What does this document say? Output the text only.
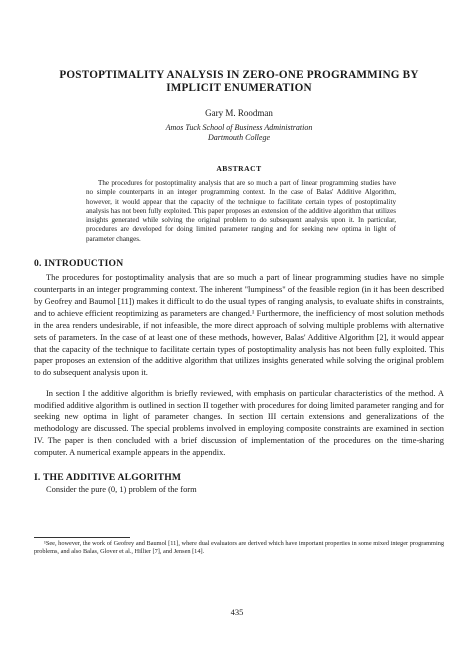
POSTOPTIMALITY ANALYSIS IN ZERO-ONE PROGRAMMING BY
IMPLICIT ENUMERATION
Gary M. Roodman
Amos Tuck School of Business Administration
Dartmouth College
ABSTRACT

The procedures for postoptimality analysis that are so much a part of linear programming studies have no simple counterparts in an integer programming context. In the case of Balas' Additive Algorithm, however, it would appear that the capacity of the technique to facilitate certain types of postoptimality analysis has not been fully exploited. This paper proposes an extension of the additive algorithm that utilizes insights generated while solving the original problem to do subsequent analysis upon it. In particular, procedures are developed for doing limited parameter ranging and for seeking new optima in light of parameter changes.

0. INTRODUCTION

The procedures for postoptimality analysis that are so much a part of linear programming studies have no simple counterparts in an integer programming context. The inherent "lumpiness" of the feasible region (in it has been described by Geofrey and Baumol [11]) makes it difficult to do the usual types of ranging analysis, to evaluate shifts in constraints, and to achieve efficient reoptimizing as parameters are changed.¹ Furthermore, the inefficiency of most solution methods in the area renders undesirable, if not infeasible, the more direct approach of solving multiple problems with alternative sets of parameters. In the case of at least one of these methods, however, Balas' Additive Algorithm [2], it would appear that the capacity of the technique to facilitate certain types of postoptimality analysis has not been fully exploited. This paper proposes an extension of the additive algorithm that utilizes insights generated while solving the original problem to do subsequent analysis upon it.

In section I the additive algorithm is briefly reviewed, with emphasis on particular characteristics of the method. A modified additive algorithm is outlined in section II together with procedures for doing limited parameter ranging and for seeking new optima in light of parameter changes. In section III certain extensions and generalizations of the methodology are discussed. The special problems involved in employing composite constraints are examined in section IV. The paper is then concluded with a brief discussion of implementation of the procedures on the time-sharing computer. A numerical example appears in the appendix.

I. THE ADDITIVE ALGORITHM

Consider the pure (0, 1) problem of the form

¹See, however, the work of Geofrey and Baumol [11], where dual evaluators are derived which have important properties in some mixed integer programming problems, and also Balas, Glover et al., Hillier [7], and Jensen [14].

435
